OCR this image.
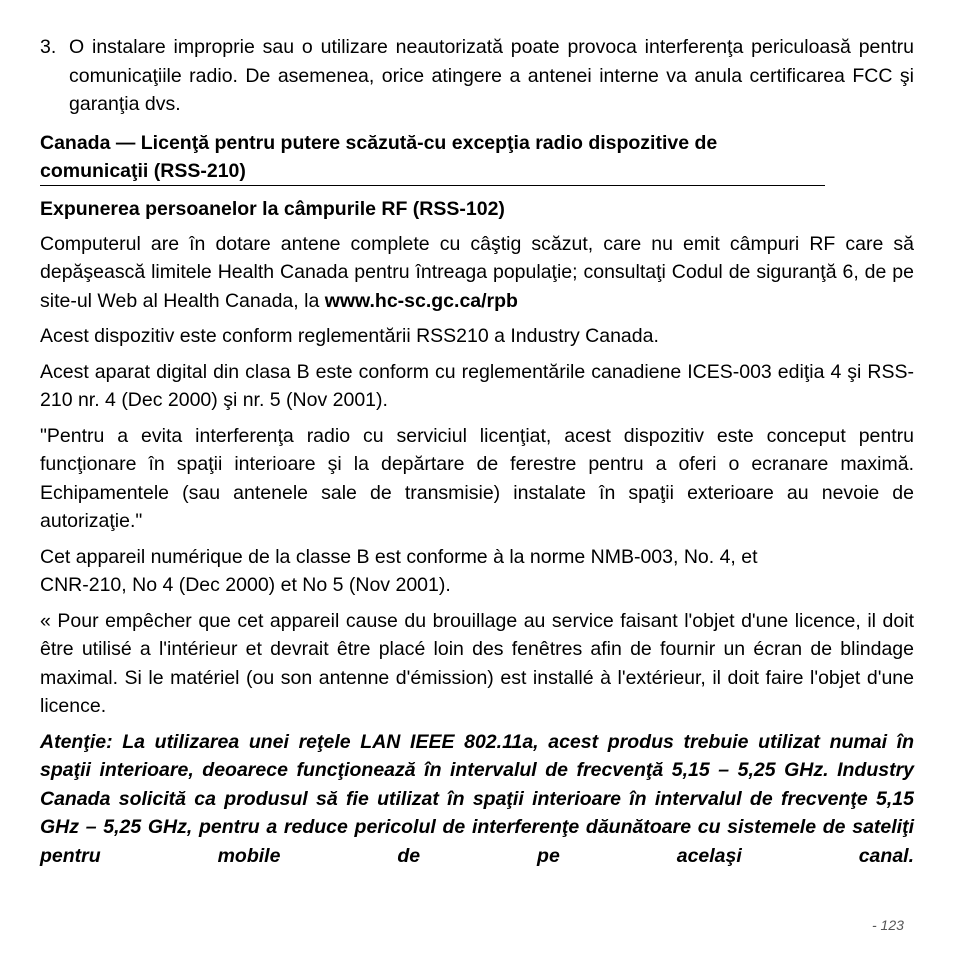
3. O instalare improprie sau o utilizare neautorizată poate provoca interferenţa periculoasă pentru comunicaţiile radio. De asemenea, orice atingere a antenei interne va anula certificarea FCC şi garanţia dvs.

Canada — Licenţă pentru putere scăzută-cu excepţia radio dispozitive de comunicaţii (RSS-210)
Expunerea persoanelor la câmpurile RF (RSS-102)

Computerul are în dotare antene complete cu câştig scăzut, care nu emit câmpuri RF care să depăşească limitele Health Canada pentru întreaga populaţie; consultaţi Codul de siguranţă 6, de pe site-ul Web al Health Canada, la www.hc-sc.gc.ca/rpb

Acest dispozitiv este conform reglementării RSS210 a Industry Canada.

Acest aparat digital din clasa B este conform cu reglementările canadiene ICES-003 ediţia 4 şi RSS-210 nr. 4 (Dec 2000) şi nr. 5 (Nov 2001).

"Pentru a evita interferenţa radio cu serviciul licenţiat, acest dispozitiv este conceput pentru funcţionare în spaţii interioare şi la depărtare de ferestre pentru a oferi o ecranare maximă. Echipamentele (sau antenele sale de transmisie) instalate în spaţii exterioare au nevoie de autorizaţie."

Cet appareil numérique de la classe B est conforme à la norme NMB-003, No. 4, et
CNR-210, No 4 (Dec 2000) et No 5 (Nov 2001).

« Pour empêcher que cet appareil cause du brouillage au service faisant l'objet d'une licence, il doit être utilisé a l'intérieur et devrait être placé loin des fenêtres afin de fournir un écran de blindage maximal. Si le matériel (ou son antenne d'émission) est installé à l'extérieur, il doit faire l'objet d'une licence.

Atenţie: La utilizarea unei reţele LAN IEEE 802.11a, acest produs trebuie utilizat numai în spaţii interioare, deoarece funcţionează în intervalul de frecvenţă 5,15 – 5,25 GHz. Industry Canada solicită ca produsul să fie utilizat în spaţii interioare în intervalul de frecvenţe 5,15 GHz – 5,25 GHz, pentru a reduce pericolul de interferenţe dăunătoare cu sistemele de sateliţi pentru mobile de pe acelaşi canal.

- 123
